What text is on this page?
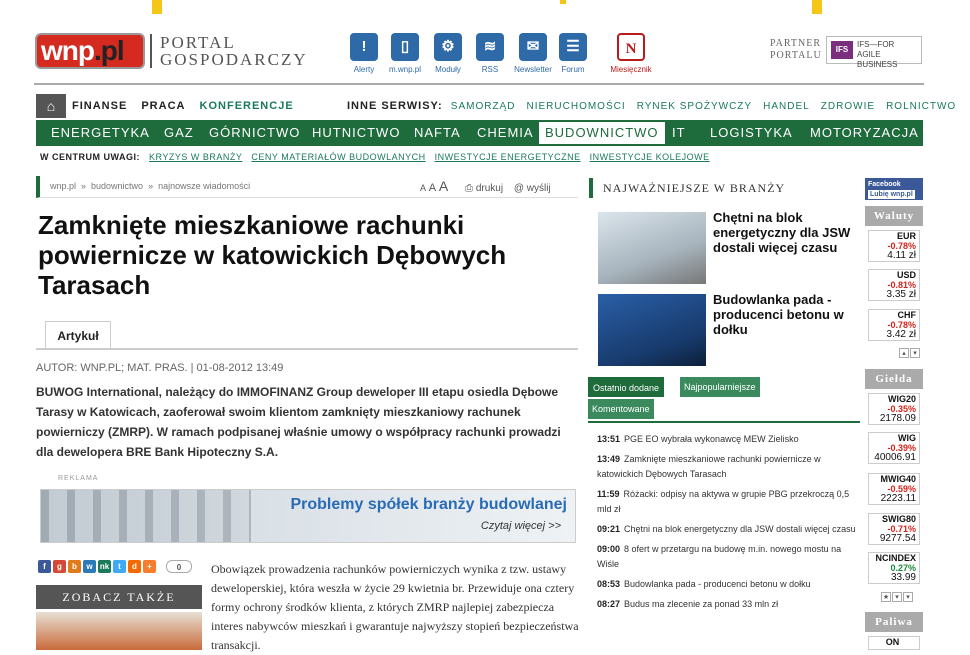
wnp.pl PORTAL
GOSPODARCZY
!
Alerty
▯
m.wnp.pl
⚙
Moduły
≋
RSS
✉
Newsletter
☰
Forum
N
Miesięcznik
PARTNER
PORTALU
IFS
IFS—FOR AGILE
BUSINESS
⌂	FINANSE PRACA KONFERENCJE	INNE SERWISY: SAMORZĄD NIERUCHOMOŚCI RYNEK SPOŻYWCZY HANDEL ZDROWIE ROLNICTWO
ENERGETYKA GAZ GÓRNICTWO HUTNICTWO NAFTA CHEMIA BUDOWNICTWO	IT LOGISTYKA MOTORYZACJA
W CENTRUM UWAGI: KRYZYS W BRANŻY CENY MATERIAŁÓW BUDOWLANYCH INWESTYCJE ENERGETYCZNE INWESTYCJE KOLEJOWE
wnp.pl » budownictwo » najnowsze wiadomości	A A A ⎙ drukuj @ wyślij
Zamknięte mieszkaniowe rachunki powiernicze w katowickich Dębowych Tarasach
Artykuł
AUTOR: WNP.PL; MAT. PRAS. | 01-08-2012 13:49

BUWOG International, należący do IMMOFINANZ Group deweloper III etapu osiedla Dębowe Tarasy w Katowicach, zaoferował swoim klientom zamknięty mieszkaniowy rachunek powierniczy (ZMRP). W ramach podpisanej właśnie umowy o współpracy rachunki prowadzi dla dewelopera BRE Bank Hipoteczny S.A.

REKLAMA
Problemy spółek branży budowlanej
Czytaj więcej >>
f g b w nk t d +	0
ZOBACZ TAKŻE

Obowiązek prowadzenia rachunków powierniczych wynika z tzw. ustawy deweloperskiej, która weszła w życie 29 kwietnia br. Przewiduje ona cztery formy ochrony środków klienta, z których ZMRP najlepiej zabezpiecza interes nabywców mieszkań i gwarantuje najwyższy stopień bezpieczeństwa transakcji.

NAJWAŻNIEJSZE W BRANŻY
Chętni na blok energetyczny dla JSW dostali więcej czasu
Budowlanka pada - producenci betonu w dołku
Ostatnio dodane	Najpopularniejsze
Komentowane
13:51 PGE EO wybrała wykonawcę MEW Zielisko
13:49 Zamknięte mieszkaniowe rachunki powiernicze w katowickich Dębowych Tarasach
11:59 Różacki: odpisy na aktywa w grupie PBG przekroczą 0,5 mld zł
09:21 Chętni na blok energetyczny dla JSW dostali więcej czasu
09:00 8 ofert w przetargu na budowę m.in. nowego mostu na Wiśle
08:53 Budowlanka pada - producenci betonu w dołku
08:27 Budus ma zlecenie za ponad 33 mln zł
Facebook
Lubię wnp.pl
Waluty
EUR
-0.78%
4.11 zł
USD
-0.81%
3.35 zł
CHF
-0.78%
3.42 zł
▴ ▾
Giełda
WIG20
-0.35%
2178.09
WIG
-0.39%
40006.91
MWIG40
-0.59%
2223.11
SWIG80
-0.71%
9277.54
NCINDEX
0.27%
33.99
★ ▾ ▾
Paliwa
ON
